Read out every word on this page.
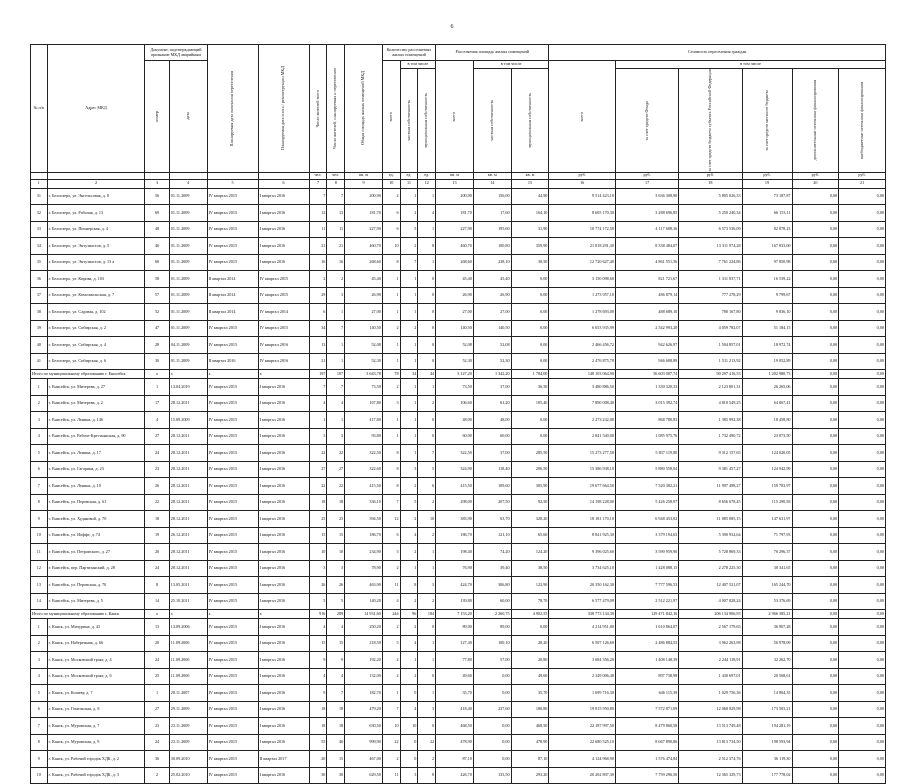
6
№ п/п	Адрес МКД	Документ, подтверждающий признание МКД аварийным		Планируемая дата окончания переселения	Планируемая дата сноса / реконструкции МКД	Число жителей всего	Число жителей, планируемых к переселению	Общая площадь жилых помещений МКД	Количество расселяемых жилых помещений			Расселяемая площадь жилых помещений			Стоимость переселения граждан					

		номер	дата						всего	в том числе		всего	в том числе		всего	в том числе				

										частная собственность	муниципальная собственность		частная собственность	муниципальная собственность		за счет средств Фонда	за счет средств бюджета субъекта Российской Федерации	за счет средств местного бюджета	дополнительные источники финансирования	внебюджетные источники финансирования

						чел.	чел.	кв. м	ед.	ед.	ед.	кв. м	кв. м	кв. м	руб.	руб.	руб.	руб.	руб.	руб.
1	2	3	4	5	6	7	8	9	10	11	12	13	14	15	16	17	18	19	20	21
31	г. Белоозеро, ул. Энгельсовая, д. 8	56	01.11.2009	IV квартал 2015	I квартал 2016	7	7	200,90	2	1	1	200,90	156,00	44,90	9 514 423,10	3 636 308,90	5 805 026,33	73 187,87	0,00	0,00
32	г. Белоозеро, ул. Рабочая, д. 13	69	01.11.2009	IV квартал 2015	I квартал 2016	12	13	181,70	6	2	4	181,70	17,60	164,10	8 605 170,30	3 288 696,85	5 250 240,34	66 153,11	0,00	0,00
33	г. Белоозеро, ул. Пионерская, д. 4	48	01.11.2009	IV квартал 2015	I квартал 2016	11	11	227,90	6	5	1	227,90	195,60	31,90	10 774 172,50	4 117 608,36	6 573 536,09	82 878,23	0,00	0,00
34	г. Белоозеро, ул. Энтузиастов, д. 5	46	01.11.2009	IV квартал 2015	I квартал 2016	21	21	460,70	10	2	8	460,70	100,80	359,90	21 818 291,30	8 338 484,07	13 311 974,28	167 833,00	0,00	0,00
35	г. Белоозеро, ул. Энтузиастов, д. 13 а	60	01.11.2009	IV квартал 2015	I квартал 2016	16	16	268,60	8	7	1	268,60	238,10	30,50	12 720 627,40	4 861 551,56	7 761 224,86	97 850,98	0,00	0,00
36	г. Белоозеро, ул. Кирова, д. 103	58	01.11.2009	II квартал 2014	IV квартал 2015	2	2	45,40	1	1	0	45,40	45,40	0,00	3 150 098,60	821 721,67	1 311 837,71	16 539,22	0,00	0,00
37	г. Белоозеро, ул. Комсомольская, д. 7	57	01.11.2009	II квартал 2014	IV квартал 2015	29	3	26,90	1	1	0	26,90	26,90	0,00	1 273 957,10	486 879,14	777 278,29	9 799,67	0,00	0,00
38	г. Белоозеро, ул. Садовая, д. 102	52	01.11.2009	II квартал 2014	IV квартал 2014	6	1	27,00	1	1	0	27,00	27,00	0,00	1 278 693,00	488 689,10	780 167,80	9 836,10	0,00	0,00
39	г. Белоозеро, ул. Сибирская, д. 2	47	01.11.2009	IV квартал 2015	IV квартал 2015	34	7	140,50	2	2	0	140,50	140,50	0,00	6 653 935,99	2 542 993,20	4 059 782,07	51 184,15	0,00	0,00
40	г. Белоозеро, ул. Сибирская, д. 4	28	04.11.2009	IV квартал 2015	IV квартал 2016	13	1	52,08	1	1	0	52,08	52,08	0,00	2 466 456,72	942 626,97	1 504 857,01	18 972,74	0,00	0,00
41	г. Белоозеро, ул. Сибирская, д. 6	30	01.11.2009	II квартал 2016	IV квартал 2016	21	1	52,30	1	1	0	52,30	52,30	0,00	2 476 875,70	946 608,89	1 511 213,92	19 052,89	0,00	0,00
Итого по муниципальному образованию г. Енисейск		х	х	х	х	197	107	3 643,78	78	34	44	3 127,20	1 342,20	1 784,00	148 103 064,90	56 603 087,74	90 297 416,53	1 202 980,73	0,00	0,00
1	г. Енисейск, ул. Митерева, д. 27	1	13.04.2019	IV квартал 2015	I квартал 2016	7	7	73,50	2	1	1	73,50	37,00	36,50	3 480 886,50	1 330 320,33	2 123 801,31	26 265,06	0,00	0,00
2	г. Енисейск, ул. Митерева, д. 2	17	28.12.2011	IV квартал 2015	I квартал 2016	4	4	167,80	3	1	2	106,60	61,20	105,40	7 890 008,40	3 015 392,74	4 810 549,25	64 067,41	0,00	0,00
3	г. Енисейск, ул. Ленина, д. 146	4	15.09.2009	IV квартал 2015	I квартал 2016	1	1	417,80	1	1	0	48,00	48,00	0,00	2 273 232,00	868 780,83	1 385 992,38	18 458,80	0,00	0,00
4	г. Енисейск, ул. Рабоче-Крестьянская, д. 90	27	28.12.2011	IV квартал 2015	I квартал 2016	3	3	93,80	1	1	0	60,00	60,00	0,00	2 841 540,00	1 085 975,76	1 732 490,72	23 073,50	0,00	0,00
5	г. Енисейск, ул. Ленина, д. 17	24	28.12.2011	IV квартал 2015	I квартал 2016	22	22	322,50	8	1	7	322,50	37,00	285,50	15 273 277,50	5 837 119,80	9 312 157,65	124 020,05	0,00	0,00
6	г. Енисейск, ул. Гагарина, д. 23	23	28.12.2011	IV квартал 2015	I квартал 2016	27	27	322,60	8	3	5	324,90	118,40	206,50	15 386 938,10	5 880 558,04	9 381 457,27	124 942,99	0,00	0,00
7	г. Енисейск, ул. Ленина, д. 10	26	28.12.2011	IV квартал 2015	I квартал 2016	22	22	415,50	8	2	6	415,50	109,60	305,90	19 677 664,50	7 520 382,21	11 997 498,27	159 783,97	0,00	0,00
8	г. Енисейск, ул. Перовская, д. 61	22	28.12.2011	IV квартал 2015	I квартал 2016	18	18	336,10	7	5	2	298,00	207,50	92,50	14 198 228,00	5 426 258,97	8 656 678,45	115 290,58	0,00	0,00
9	г. Енисейск, ул. Худяковой, д. 70	18	28.12.2011	IV квартал 2015	I квартал 2016	25	25	394,50	12	2	10	383,90	63,70	320,20	18 181 170,10	6 948 453,02	11 085 085,15	147 631,97	0,00	0,00
10	г. Енисейск, ул. Иоффе, д. 74	19	26.12.2011	IV квартал 2015	I квартал 2016	15	15	186,70	6	4	2	186,70	121,10	65,60	8 841 925,30	3 379 194,63	5 390 932,64	71 797,93	0,00	0,00
11	г. Енисейск, ул. Петровского, д. 27	20	28.12.2011	IV квартал 2015	I квартал 2016	10	10	234,90	3	2	1	198,40	74,20	124,20	9 396 025,60	3 590 959,90	5 728 869,33	76 296,37	0,00	0,00
12	г. Енисейск, пер. Партизанский, д. 28	24	28.12.2011	IV квартал 2015	I квартал 2016	3	3	78,90	2	1	1	76,90	39,40	38,50	3 734 625,10	1 428 088,15	2 278 225,30	30 341,65	0,00	0,00
13	г. Енисейск, ул. Перовская, д. 70	8	13.05.2011	IV квартал 2015	I квартал 2016	26	26	463,90	11	8	3	424,70	306,80	123,90	20 350 162,30	7 777 596,53	12 407 521,07	165 244,70	0,00	0,00
14	г. Енисейск, ул. Митерева, д. 5	14	25.10.2011	IV квартал 2015	I квартал 2016	5	5	140,20	4	2	2	139,80	60,00	78,70	6 577 479,09	2 512 221,97	4 007 828,24	53 376,69	0,00	0,00
Итого по муниципальному образованию г. Канск		х	х	х	х	916	289	14 931,60	244	96	184	7 153,20	2 260,75	4 902,55	338 773 134,30	129 471 842,16	206 134 906,93	2 966 385,21	0,00	0,00
1	г. Канск, ул. Мичурина, д. 43	13	13.09.2006	IV квартал 2015	I квартал 2016	4	4	250,20	2	2	0	89,00	89,00	0,00	4 214 951,00	1 610 864,07	2 567 179,65	36 907,28	0,00	0,00
2	г. Канск, ул. Набережная, д. 66	20	11.09.2006	IV квартал 2015	I квартал 2016	15	15	218,50	5	4	1	127,40	100,10	28,20	6 507 126,60	2 486 884,53	3 962 263,98	56 978,09	0,00	0,00
3	г. Канск, ул. Московский тракт, д. 4	24	11.09.2006	IV квартал 2015	I квартал 2016	9	9	192,20	2	1	1	77,80	57,00	20,80	3 684 356,20	1 408 148,39	2 244 118,91	32 262,70	0,00	0,00
4	г. Канск, ул. Московский тракт, д. 6	25	11.09.2006	IV квартал 2015	I квартал 2016	4	4	132,00	2	2	0	49,60	0,00	49,60	2 349 006,40	897 738,98	1 430 697,01	20 568,61	0,00	0,00
5	г. Канск, ул. Кошеву, д. 7	1	20.11.2007	IV квартал 2015	I квартал 2016	9	7	182,70	1	0	1	35,70	0,00	35,70	1 699 716,30	646 115,39	1 029 756,36	14 804,35	0,00	0,00
6	г. Канск, ул. Гомельская, д. 8	27	29.11.2009	IV квартал 2015	I квартал 2016	18	18	479,20	7	4	3	418,40	237,60	180,80	19 815 950,80	7 572 871,09	12 068 829,98	173 503,21	0,00	0,00
7	г. Канск, ул. Муромская, д. 7	23	23.11.2009	IV квартал 2015	I квартал 2016	18	18	630,50	10	10	0	468,50	0,00	468,50	22 187 997,50	8 479 860,58	13 513 749,48	194 281,19	0,00	0,00
8	г. Канск, ул. Муромская, д. 9	24	23.11.2009	IV квартал 2015	I квартал 2016	55	46	999,90	22	0	22	478,90	0,00	478,90	22 680 525,10	8 667 890,86	13 813 734,50	198 593,94	0,00	0,00
9	г. Канск, ул. Рабочий городок ХДК, д. 2	36	30.09.2010	IV квартал 2015	II квартал 2017	20	15	467,00	2	0	2	87,10	0,00	87,10	4 124 968,90	1 576 474,84	2 512 374,76	36 119,30	0,00	0,00
10	г. Канск, ул. Рабочий городок ХДК, д. 3	2	25.02.2010	IV квартал 2015	I квартал 2016	30	30	629,50	11	3	8	426,70	133,50	293,20	20 202 807,30	7 759 296,50	12 365 329,73	177 778,02	0,00	0,00
